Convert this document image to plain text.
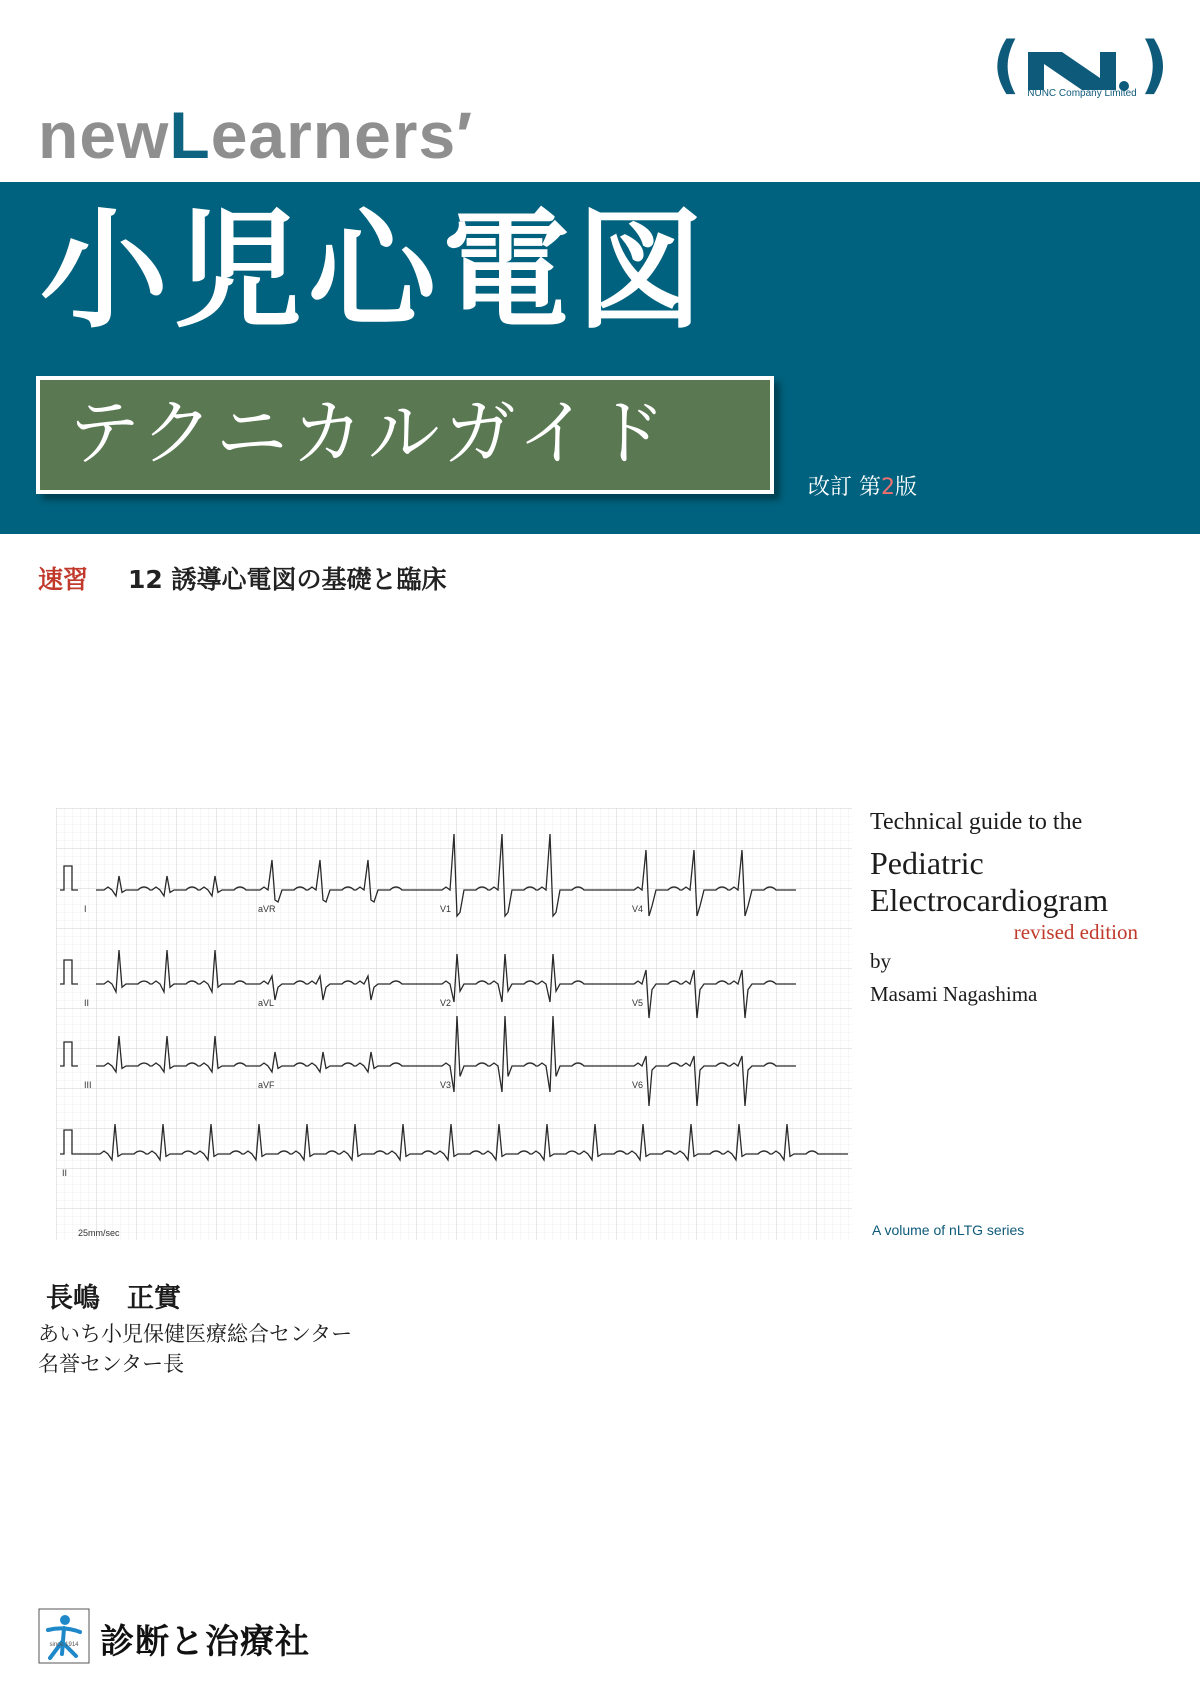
( NUNC Company Limited )
newLearners′
小児心電図
テクニカルガイド
改訂 第2版
速習 12 誘導心電図の基礎と臨床
I	aVR	V1	V4
II	aVL	V2	V5
III	aVF	V3	V6
II
25mm/sec
Technical guide to the
Pediatric
Electrocardiogram
revised edition
by
Masami Nagashima
A volume of nLTG series
長嶋　正實
あいち小児保健医療総合センター
名誉センター長
since 1914 診断と治療社
